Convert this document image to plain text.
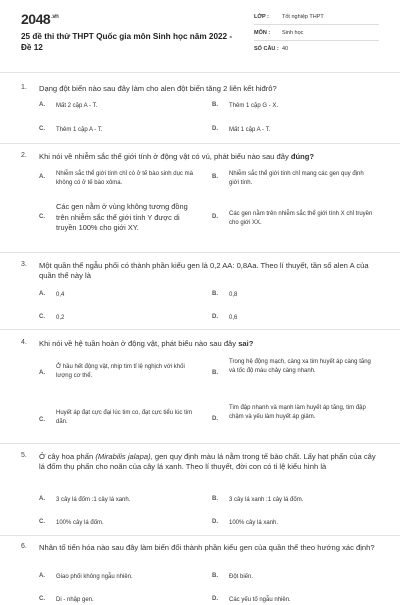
$2048^{.vn}$
25 đề thi thử THPT Quốc gia môn Sinh học năm 2022 - Đề 12
LỚP : Tốt nghiệp THPT
MÔN : Sinh học
SỐ CÂU : 40
1. Dạng đột biến nào sau đây làm cho alen đột biến tăng 2 liên kết hiđrô?
A. Mất 2 cặp A - T.	B. Thêm 1 cặp G - X.
C. Thêm 1 cặp A - T.	D. Mất 1 cặp A - T.
2. Khi nói về nhiễm sắc thể giới tính ở động vật có vú, phát biểu nào sau đây đúng?
A. Nhiễm sắc thể giới tính chỉ có ở tế bào sinh dục mà không có ở tế bào xôma.
B. Nhiễm sắc thể giới tính chỉ mang các gen quy định giới tính.
C.
Các gen nằm ở vùng không tương đồng trên nhiễm sắc thể giới tính Y được di truyền 100% cho giới XY.
D. Các gen nằm trên nhiễm sắc thể giới tính X chỉ truyền cho giới XX.
3. Một quần thể ngẫu phối có thành phần kiểu gen là 0,2 AA: 0,8Aa. Theo lí thuyết, tần số alen A của quần thể này là
A. 0,4	B. 0,8
C. 0,2	D. 0,6
4. Khi nói về hệ tuần hoàn ở động vật, phát biểu nào sau đây sai?
A.
Ở hầu hết động vật, nhịp tim tỉ lệ nghịch với khối lượng cơ thể.	B.
Trong hệ động mạch, càng xa tim huyết áp càng tăng và tốc độ máu chảy càng nhanh.
C.
Huyết áp đạt cực đại lúc tim co, đạt cực tiểu lúc tim dãn.	D.
Tim đập nhanh và mạnh làm huyết áp tăng, tim đập chậm và yếu làm huyết áp giảm.
5. Ở cây hoa phấn (Mirabilis jalapa), gen quy định màu lá nằm trong tế bào chất. Lấy hạt phấn của cây lá đốm thụ phấn cho noãn của cây lá xanh. Theo lí thuyết, đời con có tỉ lệ kiểu hình là
A. 3 cây lá đốm :1 cây lá xanh.	B. 3 cây lá xanh :1 cây lá đốm.
C. 100% cây lá đốm.	D. 100% cây lá xanh.
6. Nhân tố tiến hóa nào sau đây làm biến đổi thành phần kiểu gen của quần thể theo hướng xác định?
A. Giao phối không ngẫu nhiên.	B. Đột biến.
C. Di - nhập gen.	D. Các yếu tố ngẫu nhiên.
